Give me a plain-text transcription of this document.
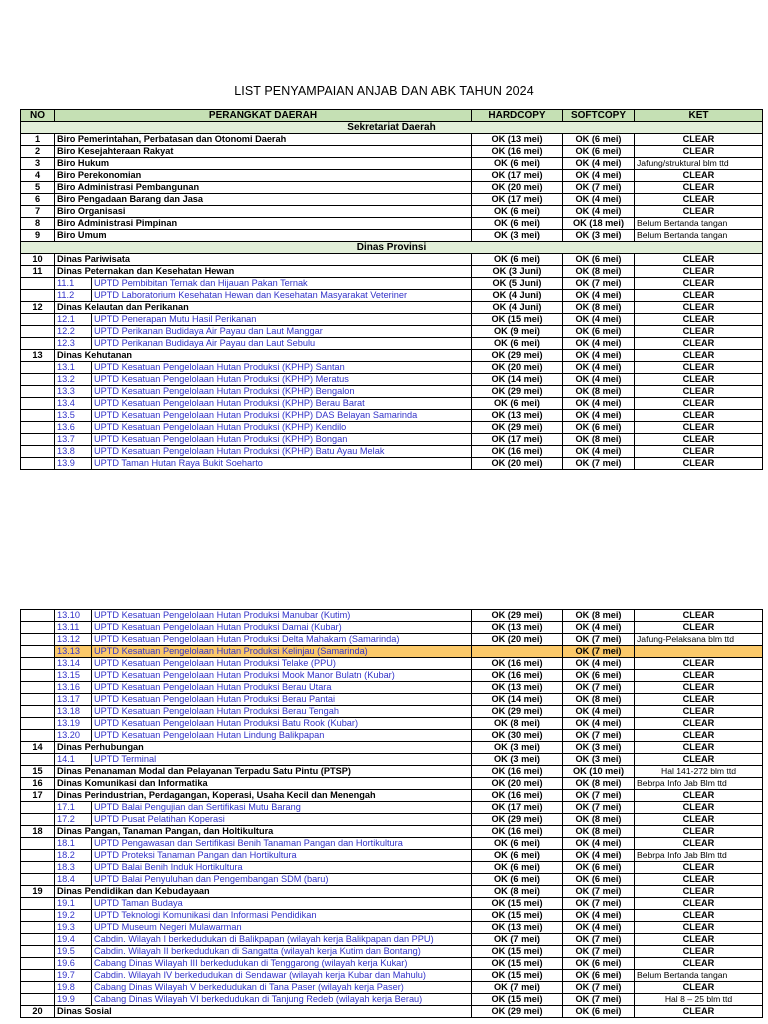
LIST PENYAMPAIAN ANJAB DAN ABK TAHUN 2024
NO	PERANGKAT DAERAH		HARDCOPY	SOFTCOPY	KET
Sekretariat Daerah					
1	Biro Pemerintahan, Perbatasan dan Otonomi Daerah		OK (13 mei)	OK (6 mei)	CLEAR
2	Biro Kesejahteraan Rakyat		OK (16 mei)	OK (6 mei)	CLEAR
3	Biro Hukum		OK (6 mei)	OK (4 mei)	Jafung/struktural blm ttd
4	Biro Perekonomian		OK (17 mei)	OK (4 mei)	CLEAR
5	Biro Administrasi Pembangunan		OK (20 mei)	OK (7 mei)	CLEAR
6	Biro Pengadaan Barang dan Jasa		OK (17 mei)	OK (4 mei)	CLEAR
7	Biro Organisasi		OK (6 mei)	OK (4 mei)	CLEAR
8	Biro Administrasi Pimpinan		OK (6 mei)	OK (18 mei)	Belum Bertanda tangan
9	Biro Umum		OK (3 mei)	OK (3 mei)	Belum Bertanda tangan
Dinas Provinsi					
10	Dinas Pariwisata		OK (6 mei)	OK (6 mei)	CLEAR
11	Dinas Peternakan dan Kesehatan Hewan		OK (3 Juni)	OK (8 mei)	CLEAR
	11.1	UPTD Pembibitan Ternak dan Hijauan Pakan Ternak	OK (5 Juni)	OK (7 mei)	CLEAR
	11.2	UPTD Laboratorium Kesehatan Hewan dan Kesehatan Masyarakat Veteriner	OK (4 Juni)	OK (4 mei)	CLEAR
12	Dinas Kelautan dan Perikanan		OK (4 Juni)	OK (8 mei)	CLEAR
	12.1	UPTD Penerapan Mutu Hasil Perikanan	OK (15 mei)	OK (4 mei)	CLEAR
	12.2	UPTD Perikanan Budidaya Air Payau dan Laut Manggar	OK (9 mei)	OK (6 mei)	CLEAR
	12.3	UPTD Perikanan Budidaya Air Payau dan Laut Sebulu	OK (6 mei)	OK (4 mei)	CLEAR
13	Dinas Kehutanan		OK (29 mei)	OK (4 mei)	CLEAR
	13.1	UPTD Kesatuan Pengelolaan Hutan Produksi (KPHP) Santan	OK (20 mei)	OK (4 mei)	CLEAR
	13.2	UPTD Kesatuan Pengelolaan Hutan Produksi (KPHP) Meratus	OK (14 mei)	OK (4 mei)	CLEAR
	13.3	UPTD Kesatuan Pengelolaan Hutan Produksi (KPHP) Bengalon	OK (29 mei)	OK (8 mei)	CLEAR
	13.4	UPTD Kesatuan Pengelolaan Hutan Produksi (KPHP) Berau Barat	OK (6 mei)	OK (4 mei)	CLEAR
	13.5	UPTD Kesatuan Pengelolaan Hutan Produksi (KPHP) DAS Belayan Samarinda	OK (13 mei)	OK (4 mei)	CLEAR
	13.6	UPTD Kesatuan Pengelolaan Hutan Produksi (KPHP) Kendilo	OK (29 mei)	OK (6 mei)	CLEAR
	13.7	UPTD Kesatuan Pengelolaan Hutan Produksi (KPHP) Bongan	OK (17 mei)	OK (8 mei)	CLEAR
	13.8	UPTD Kesatuan Pengelolaan Hutan Produksi (KPHP) Batu Ayau Melak	OK (16 mei)	OK (4 mei)	CLEAR
	13.9	UPTD Taman Hutan Raya Bukit Soeharto	OK (20 mei)	OK (7 mei)	CLEAR
	13.10	UPTD Kesatuan Pengelolaan Hutan Produksi Manubar (Kutim)	OK (29 mei)	OK (8 mei)	CLEAR
	13.11	UPTD Kesatuan Pengelolaan Hutan Produksi Damai (Kubar)	OK (13 mei)	OK (4 mei)	CLEAR
	13.12	UPTD Kesatuan Pengelolaan Hutan Produksi Delta Mahakam (Samarinda)	OK (20 mei)	OK (7 mei)	Jafung-Pelaksana blm ttd
	13.13	UPTD Kesatuan Pengelolaan Hutan Produksi Kelinjau (Samarinda)		OK (7 mei)	
	13.14	UPTD Kesatuan Pengelolaan Hutan Produksi Telake (PPU)	OK (16 mei)	OK (4 mei)	CLEAR
	13.15	UPTD Kesatuan Pengelolaan Hutan Produksi Mook Manor Bulatn (Kubar)	OK (16 mei)	OK (6 mei)	CLEAR
	13.16	UPTD Kesatuan Pengelolaan Hutan Produksi Berau Utara	OK (13 mei)	OK (7 mei)	CLEAR
	13.17	UPTD Kesatuan Pengelolaan Hutan Produksi Berau Pantai	OK (14 mei)	OK (8 mei)	CLEAR
	13.18	UPTD Kesatuan Pengelolaan Hutan Produksi Berau Tengah	OK (29 mei)	OK (4 mei)	CLEAR
	13.19	UPTD Kesatuan Pengelolaan Hutan Produksi Batu Rook (Kubar)	OK (8 mei)	OK (4 mei)	CLEAR
	13.20	UPTD Kesatuan Pengelolaan Hutan Lindung Balikpapan	OK (30 mei)	OK (7 mei)	CLEAR
14	Dinas Perhubungan		OK (3 mei)	OK (3 mei)	CLEAR
	14.1	UPTD Terminal	OK (3 mei)	OK (3 mei)	CLEAR
15	Dinas Penanaman Modal dan Pelayanan Terpadu Satu Pintu (PTSP)		OK (16 mei)	OK (10 mei)	Hal 141-272 blm ttd
16	Dinas Komunikasi dan Informatika		OK (20 mei)	OK (8 mei)	Bebrpa Info Jab Blm ttd
17	Dinas Perindustrian, Perdagangan, Koperasi, Usaha Kecil dan Menengah		OK (16 mei)	OK (7 mei)	CLEAR
	17.1	UPTD Balai Pengujian dan Sertifikasi Mutu Barang	OK (17 mei)	OK (7 mei)	CLEAR
	17.2	UPTD Pusat Pelatihan Koperasi	OK (29 mei)	OK (8 mei)	CLEAR
18	Dinas Pangan, Tanaman Pangan, dan Holtikultura		OK (16 mei)	OK (8 mei)	CLEAR
	18.1	UPTD Pengawasan dan Sertifikasi Benih Tanaman Pangan dan Hortikultura	OK (6 mei)	OK (4 mei)	CLEAR
	18.2	UPTD Proteksi Tanaman Pangan dan Hortikultura	OK (6 mei)	OK (4 mei)	Bebrpa Info Jab Blm ttd
	18.3	UPTD Balai Benih Induk Hortikultura	OK (6 mei)	OK (6 mei)	CLEAR
	18.4	UPTD Balai Penyuluhan dan Pengembangan SDM (baru)	OK (6 mei)	OK (6 mei)	CLEAR
19	Dinas Pendidikan dan Kebudayaan		OK (8 mei)	OK (7 mei)	CLEAR
	19.1	UPTD Taman Budaya	OK (15 mei)	OK (7 mei)	CLEAR
	19.2	UPTD Teknologi Komunikasi dan Informasi Pendidikan	OK (15 mei)	OK (4 mei)	CLEAR
	19.3	UPTD Museum Negeri Mulawarman	OK (13 mei)	OK (4 mei)	CLEAR
	19.4	Cabdin. Wilayah I berkedudukan di Balikpapan (wilayah kerja Balikpapan dan PPU)	OK (7 mei)	OK (7 mei)	CLEAR
	19.5	Cabdin. Wilayah II berkedudukan di Sangatta (wilayah kerja Kutim dan Bontang)	OK (15 mei)	OK (7 mei)	CLEAR
	19.6	Cabang Dinas Wilayah III berkedudukan di Tenggarong (wilayah kerja Kukar)	OK (15 mei)	OK (6 mei)	CLEAR
	19.7	Cabdin. Wilayah IV berkedudukan di Sendawar (wilayah kerja Kubar dan Mahulu)	OK (15 mei)	OK (6 mei)	Belum Bertanda tangan
	19.8	Cabang Dinas Wilayah V berkedudukan di Tana Paser (wilayah kerja Paser)	OK (7 mei)	OK (7 mei)	CLEAR
	19.9	Cabang Dinas Wilayah VI berkedudukan di Tanjung Redeb (wilayah kerja Berau)	OK (15 mei)	OK (7 mei)	Hal 8 – 25 blm ttd
20	Dinas Sosial		OK (29 mei)	OK (6 mei)	CLEAR
